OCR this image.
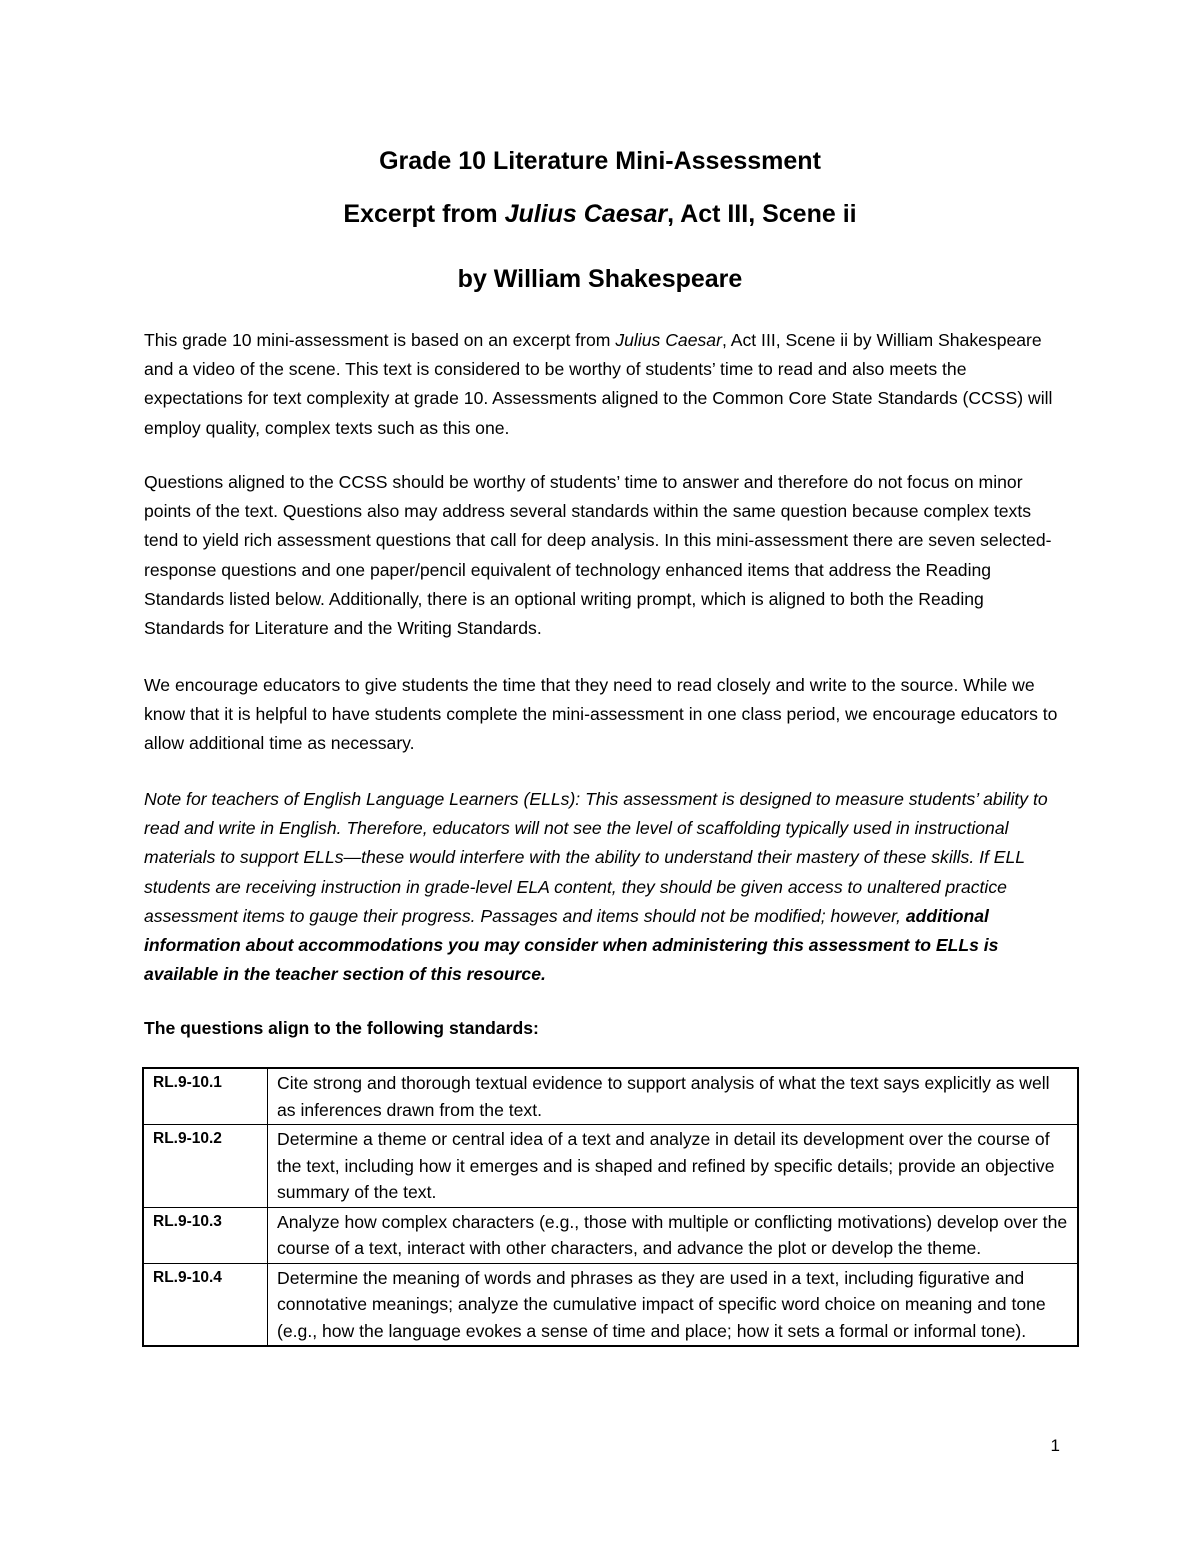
Grade 10 Literature Mini-Assessment
Excerpt from Julius Caesar, Act III, Scene ii
by William Shakespeare

This grade 10 mini-assessment is based on an excerpt from Julius Caesar, Act III, Scene ii by William Shakespeare and a video of the scene. This text is considered to be worthy of students’ time to read and also meets the expectations for text complexity at grade 10. Assessments aligned to the Common Core State Standards (CCSS) will employ quality, complex texts such as this one.

Questions aligned to the CCSS should be worthy of students’ time to answer and therefore do not focus on minor points of the text. Questions also may address several standards within the same question because complex texts tend to yield rich assessment questions that call for deep analysis. In this mini-assessment there are seven selected-response questions and one paper/pencil equivalent of technology enhanced items that address the Reading Standards listed below. Additionally, there is an optional writing prompt, which is aligned to both the Reading Standards for Literature and the Writing Standards.

We encourage educators to give students the time that they need to read closely and write to the source. While we know that it is helpful to have students complete the mini-assessment in one class period, we encourage educators to allow additional time as necessary.

Note for teachers of English Language Learners (ELLs): This assessment is designed to measure students’ ability to read and write in English. Therefore, educators will not see the level of scaffolding typically used in instructional materials to support ELLs—these would interfere with the ability to understand their mastery of these skills. If ELL students are receiving instruction in grade-level ELA content, they should be given access to unaltered practice assessment items to gauge their progress. Passages and items should not be modified; however, additional information about accommodations you may consider when administering this assessment to ELLs is available in the teacher section of this resource.

The questions align to the following standards:
RL.9-10.1	Cite strong and thorough textual evidence to support analysis of what the text says explicitly as well as inferences drawn from the text.
RL.9-10.2	Determine a theme or central idea of a text and analyze in detail its development over the course of the text, including how it emerges and is shaped and refined by specific details; provide an objective summary of the text.
RL.9-10.3	Analyze how complex characters (e.g., those with multiple or conflicting motivations) develop over the course of a text, interact with other characters, and advance the plot or develop the theme.
RL.9-10.4	Determine the meaning of words and phrases as they are used in a text, including figurative and connotative meanings; analyze the cumulative impact of specific word choice on meaning and tone (e.g., how the language evokes a sense of time and place; how it sets a formal or informal tone).
1
